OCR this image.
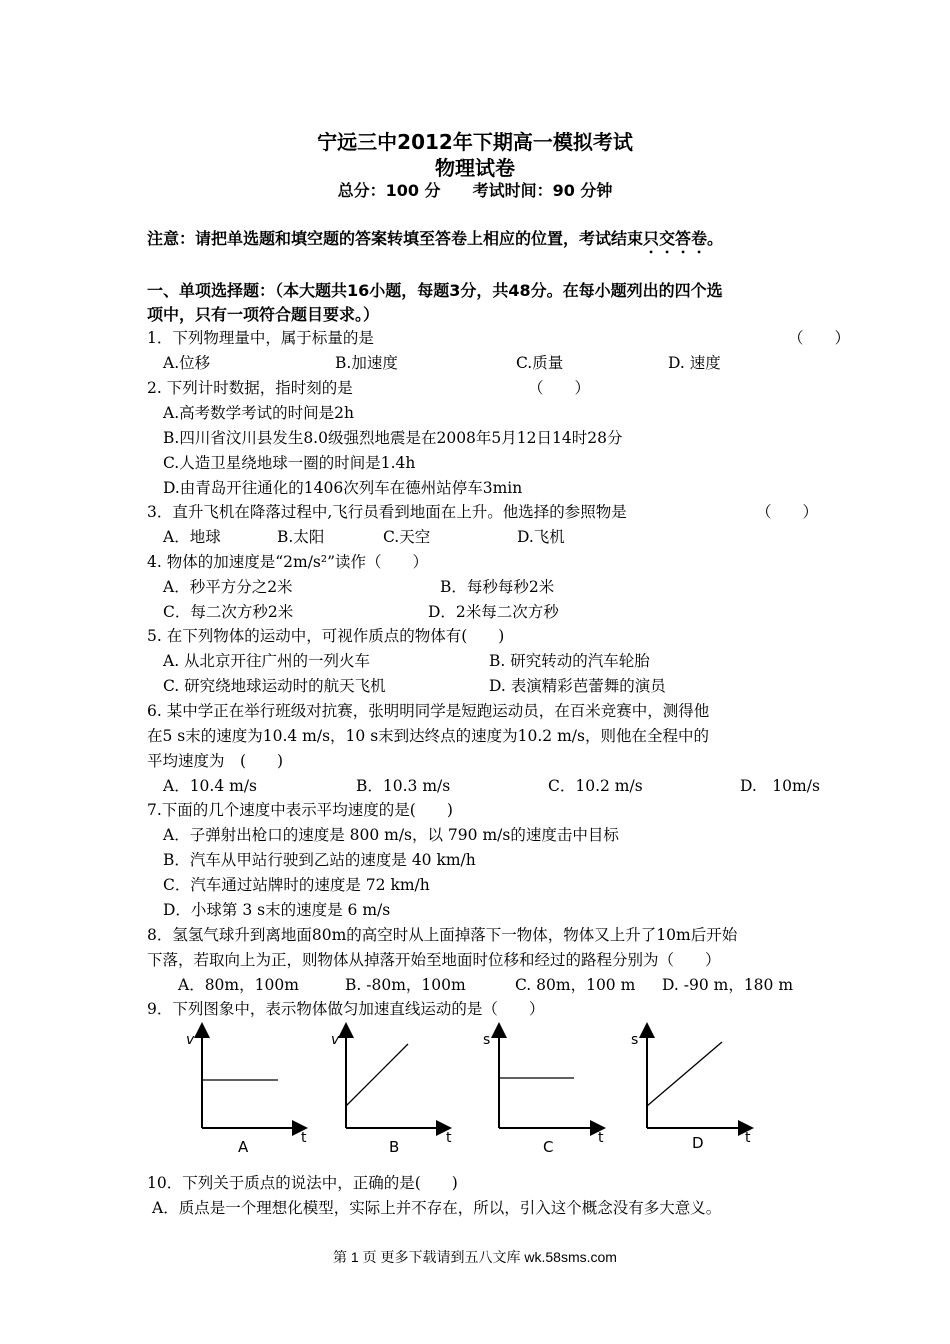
宁远三中2012年下期高一模拟考试
物理试卷
总分：100 分　　 考试时间：90 分钟
注意：请把单选题和填空题的答案转填至答卷上相应的位置，考试结束只交答卷。
一、单项选择题：（本大题共16小题，每题3分，共48分。在每小题列出的四个选
项中，只有一项符合题目要求。）
1．下列物理量中，属于标量的是	（　　）
A.位移	B.加速度	C.质量	D. 速度
2. 下列计时数据，指时刻的是	（　　）
A.高考数学考试的时间是2h
B.四川省汶川县发生8.0级强烈地震是在2008年5月12日14时28分
C.人造卫星绕地球一圈的时间是1.4h
D.由青岛开往通化的1406次列车在德州站停车3min
3．直升飞机在降落过程中,飞行员看到地面在上升。他选择的参照物是	（　　）
A．地球	B.太阳	C.天空	D.飞机
4. 物体的加速度是“2m/s²”读作（　　）
A．秒平方分之2米	B．每秒每秒2米
C．每二次方秒2米	D．2米每二次方秒
5. 在下列物体的运动中，可视作质点的物体有(　　)
A. 从北京开往广州的一列火车	B. 研究转动的汽车轮胎
C. 研究绕地球运动时的航天飞机	D. 表演精彩芭蕾舞的演员
6. 某中学正在举行班级对抗赛，张明明同学是短跑运动员，在百米竞赛中，测得他
在5 s末的速度为10.4 m/s，10 s末到达终点的速度为10.2 m/s，则他在全程中的
平均速度为　(　　)
A．10.4 m/s	B．10.3 m/s	C．10.2 m/s	D.　10m/s
7.下面的几个速度中表示平均速度的是(　　)
A．子弹射出枪口的速度是 800 m/s，以 790 m/s的速度击中目标
B．汽车从甲站行驶到乙站的速度是 40 km/h
C．汽车通过站牌时的速度是 72 km/h
D．小球第 3 s末的速度是 6 m/s
8．氢氢气球升到离地面80m的高空时从上面掉落下一物体，物体又上升了10m后开始
下落，若取向上为正，则物体从掉落开始至地面时位移和经过的路程分别为（　　）
A．80m，100m	B. -80m，100m	C. 80m，100 m D. -90 m，180 m
9．下列图象中，表示物体做匀加速直线运动的是（　　）
v
t
A
v
t
B
s
t
C
s
t
D
10．下列关于质点的说法中，正确的是(　　)
A．质点是一个理想化模型，实际上并不存在，所以，引入这个概念没有多大意义。
第 1 页 更多下载请到五八文库 wk.58sms.com
